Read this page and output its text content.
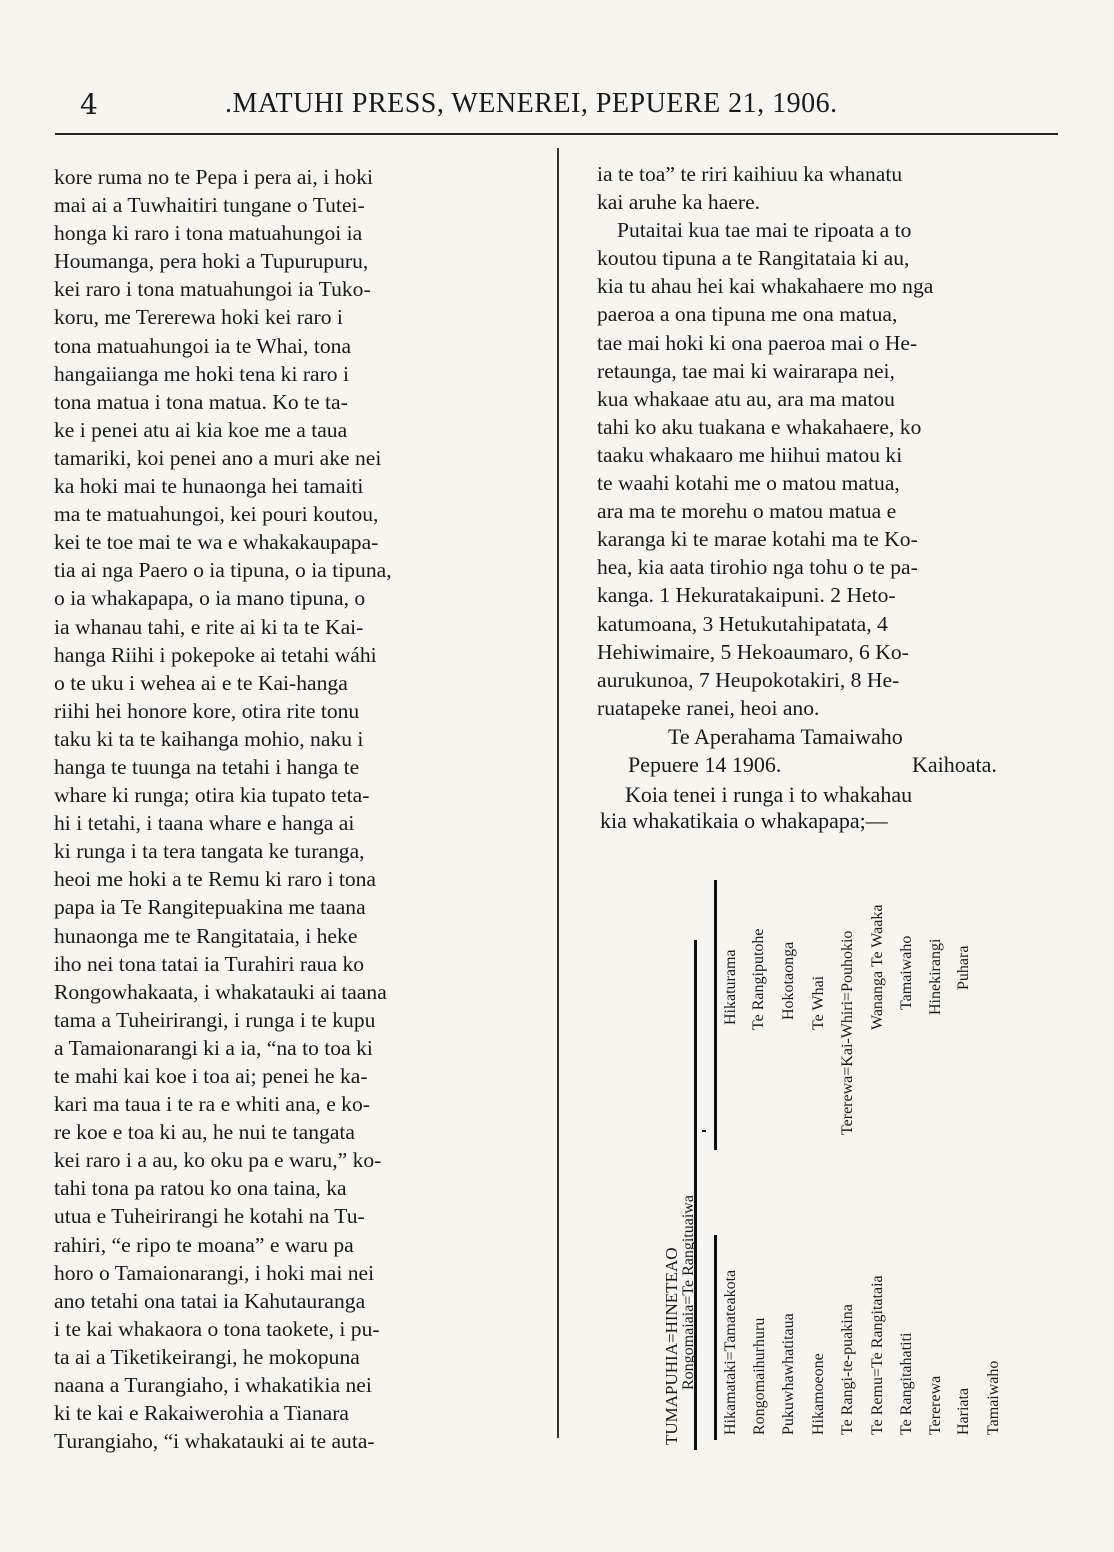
4	.MATUHI PRESS, WENEREI, PEPUERE 21, 1906.
kore ruma no te Pepa i pera ai, i hoki
mai ai a Tuwhaitiri tungane o Tutei-
honga ki raro i tona matuahungoi ia
Houmanga, pera hoki a Tupurupuru,
kei raro i tona matuahungoi ia Tuko-
koru, me Tererewa hoki kei raro i
tona matuahungoi ia te Whai, tona
hangaiianga me hoki tena ki raro i
tona matua i tona matua. Ko te ta-
ke i penei atu ai kia koe me a taua
tamariki, koi penei ano a muri ake nei
ka hoki mai te hunaonga hei tamaiti
ma te matuahungoi, kei pouri koutou,
kei te toe mai te wa e whakakaupapa-
tia ai nga Paero o ia tipuna, o ia tipuna,
o ia whakapapa, o ia mano tipuna, o
ia whanau tahi, e rite ai ki ta te Kai-
hanga Riihi i pokepoke ai tetahi wáhi
o te uku i wehea ai e te Kai-hanga
riihi hei honore kore, otira rite tonu
taku ki ta te kaihanga mohio, naku i
hanga te tuunga na tetahi i hanga te
whare ki runga; otira kia tupato teta-
hi i tetahi, i taana whare e hanga ai
ki runga i ta tera tangata ke turanga,
heoi me hoki a te Remu ki raro i tona
papa ia Te Rangitepuakina me taana
hunaonga me te Rangitataia, i heke
iho nei tona tatai ia Turahiri raua ko
Rongowhakaata, i whakatauki ai taana
tama a Tuheirirangi, i runga i te kupu
a Tamaionarangi ki a ia, “na to toa ki
te mahi kai koe i toa ai; penei he ka-
kari ma taua i te ra e whiti ana, e ko-
re koe e toa ki au, he nui te tangata
kei raro i a au, ko oku pa e waru,” ko-
tahi tona pa ratou ko ona taina, ka
utua e Tuheirirangi he kotahi na Tu-
rahiri, “e ripo te moana” e waru pa
horo o Tamaionarangi, i hoki mai nei
ano tetahi ona tatai ia Kahutauranga
i te kai whakaora o tona taokete, i pu-
ta ai a Tiketikeirangi, he mokopuna
naana a Turangiaho, i whakatikia nei
ki te kai e Rakaiwerohia a Tianara
Turangiaho, “i whakatauki ai te auta-
ia te toa” te riri kaihiuu ka whanatu
kai aruhe ka haere.
Putaitai kua tae mai te ripoata a to
koutou tipuna a te Rangitataia ki au,
kia tu ahau hei kai whakahaere mo nga
paeroa a ona tipuna me ona matua,
tae mai hoki ki ona paeroa mai o He-
retaunga, tae mai ki wairarapa nei,
kua whakaae atu au, ara ma matou
tahi ko aku tuakana e whakahaere, ko
taaku whakaaro me hiihui matou ki
te waahi kotahi me o matou matua,
ara ma te morehu o matou matua e
karanga ki te marae kotahi ma te Ko-
hea, kia aata tirohio nga tohu o te pa-
kanga. 1 Hekuratakaipuni. 2 Heto-
katumoana, 3 Hetukutahipatata, 4
Hehiwimaire, 5 Hekoaumaro, 6 Ko-
aurukunoa, 7 Heupokotakiri, 8 He-
ruatapeke ranei, heoi ano.
Te Aperahama Tamaiwaho
Pepuere 14 1906.	Kaihoata.
Koia tenei i runga i to whakahau
kia whakatikaia o whakapapa;—
TUMAPUHIA=HINETEAO Rongomaiaia=Te Rangituaiwa Hikamataki=Tamateakota Rongomaihurhuru Pukuwhawhatitaua Hikamoeone Te Rangi-te-puakina Te Remu=Te Rangitataia Te Rangitahatiti Tererewa Hariata Tamaiwaho
Hikaturama Te Rangiputohe Hokotaonga Te Whai Tererewa=Kai-Whiri=Pouhokio Wananga Te Waaka Tamaiwaho Hinekirangi Puhara
